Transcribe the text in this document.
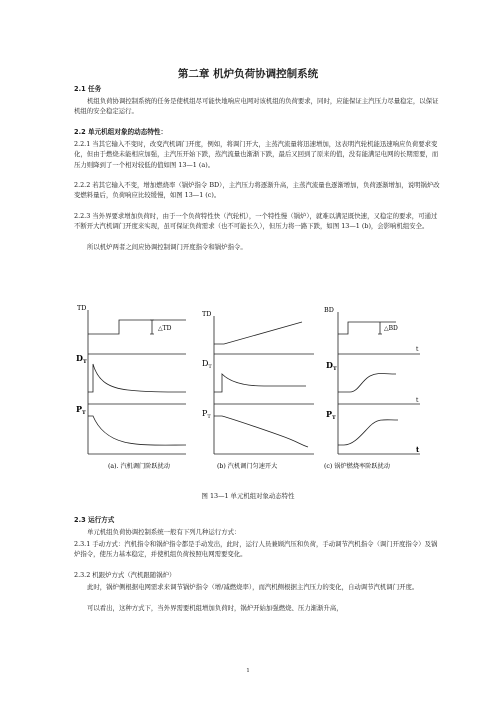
第二章 机炉负荷协调控制系统

2.1 任务

机组负荷协调控制系统的任务是使机组尽可能快地响应电网对该机组的负荷要求，同时，应能保证主汽压力尽量稳定，以保证机组的安全稳定运行。

2.2 单元机组对象的动态特性：

2.2.1 当其它输入不变时，改变汽机调门开度，例如，将调门开大，主蒸汽流量将迅速增加，这表明汽轮机能迅速响应负荷要求变化，但由于燃烧未能相应加强，主汽压开始下跌，蒸汽流量也渐渐下跌，最后又回到了原来的值，没有能满足电网的长期需要，而压力则降到了一个相对较低的值如图 13—1 (a)。

2.2.2 若其它输入不变，增加燃烧率（锅炉指令 BD），主汽压力将逐渐升高，主蒸汽流量也逐渐增加，负荷逐渐增加，说明锅炉改变燃料量后，负荷响应比较缓慢，如图 13—1 (c)。

2.2.3 当外界要求增加负荷时，由于一个负荷特性快（汽轮机），一个特性慢（锅炉），就难以满足既快速，又稳定的要求，可通过不断开大汽机调门开度来实现，虽可保证负荷需求（也不可能长久），但压力将一路下跌，如图 13—1 (b)，会影响机组安全。

所以机炉两者之间应协调控制调门开度指令和锅炉指令。

TD
△TD
$D_T$
$P_T$
TD
$D_T$
$P_T$
BD
△BD
t
$D_T$
t
$P_T$
t
(a). 汽机调门阶跃扰动	(b) 汽机调门匀速开大	(c) 锅炉燃烧率阶跃扰动
图 13—1 单元机组对象动态特性

2.3 运行方式

单元机组负荷协调控制系统一般有下列几种运行方式：

2.3.1 手动方式：汽机指令和锅炉指令都是手动发出，此时，运行人员兼顾汽压和负荷，手动调节汽机指令（调门开度指令）及锅炉指令，使压力基本稳定，并使机组负荷按照电网需要变化。

2.3.2 机跟炉方式（汽机跟随锅炉）

此时，锅炉侧根据电网需求来调节锅炉指令（增/减燃烧率），而汽机侧根据主汽压力的变化，自动调节汽机调门开度。

可以看出，这种方式下，当外界需要机组增加负荷时，锅炉开始加强燃烧、压力渐渐升高，

1
